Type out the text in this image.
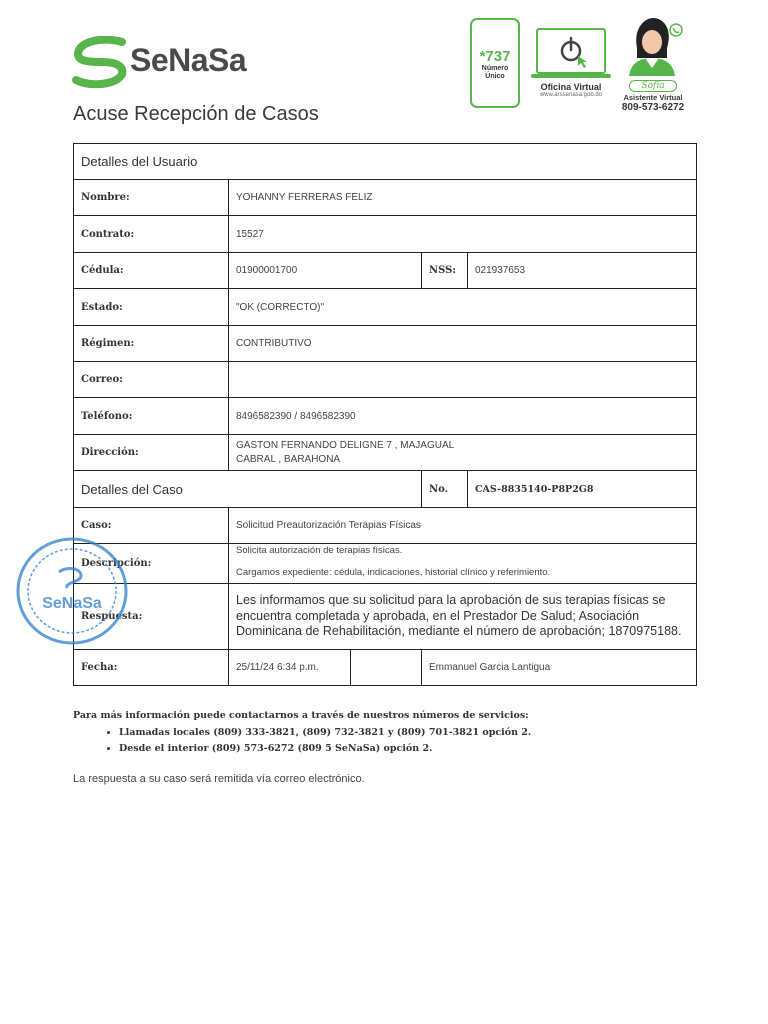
SeNaSa
Acuse Recepción de Casos
*737
Número
Único
Oficina Virtual
www.arssenasa.gob.do
Sofía
Asistente Virtual
809-573-6272
Detalles del Usuario				
Nombre:	YOHANNY FERRERAS FELIZ			
Contrato:	15527			
Cédula:	01900001700		NSS:	021937653
Estado:	"OK (CORRECTO)"			
Régimen:	CONTRIBUTIVO			
Correo:				
Teléfono:	8496582390 / 8496582390			
Dirección:	GASTON FERNANDO DELIGNE 7 , MAJAGUAL
CABRAL , BARAHONA			

Detalles del Caso			No.	CAS-8835140-P8P2G8
Caso:	Solicitud Preautorización Terapias Físicas			
Descripción:	Solicita autorización de terapias físicas.
Cargamos expediente: cédula, indicaciones, historial clínico y referimiento.			
Respuesta:	Les informamos que su solicitud para la aprobación de sus terapias físicas se encuentra completada y aprobada, en el Prestador De Salud; Asociación Dominicana de Rehabilitación, mediante el número de aprobación; 1870975188.			
Fecha:	25/11/24 6:34 p.m.		Emmanuel Garcia Lantigua	
SeNaSa

Para más información puede contactarnos a través de nuestros números de servicios:

• Llamadas locales (809) 333-3821, (809) 732-3821 y (809) 701-3821 opción 2.
• Desde el interior (809) 573-6272 (809 5 SeNaSa) opción 2.
La respuesta a su caso será remitida vía correo electrónico.
